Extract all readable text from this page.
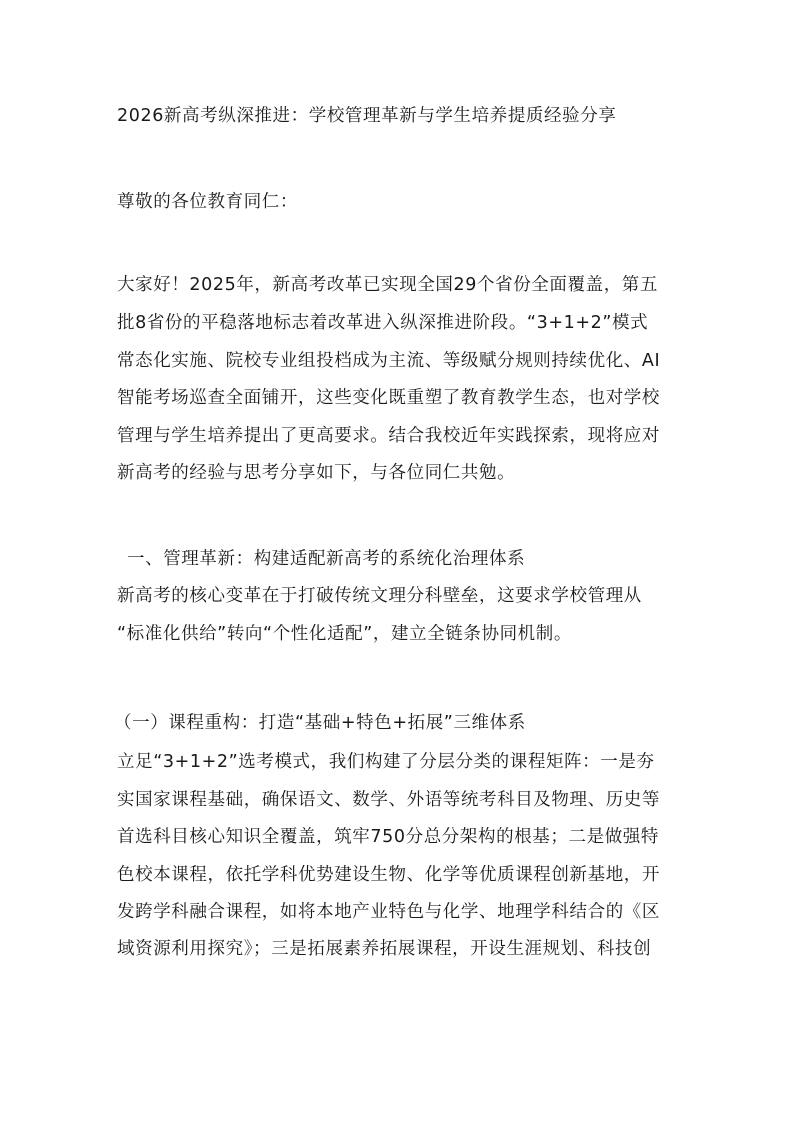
2026新高考纵深推进：学校管理革新与学生培养提质经验分享
尊敬的各位教育同仁：
大家好！2025年，新高考改革已实现全国29个省份全面覆盖，第五
批8省份的平稳落地标志着改革进入纵深推进阶段。“3+1+2”模式
常态化实施、院校专业组投档成为主流、等级赋分规则持续优化、AI
智能考场巡查全面铺开，这些变化既重塑了教育教学生态，也对学校
管理与学生培养提出了更高要求。结合我校近年实践探索，现将应对
新高考的经验与思考分享如下，与各位同仁共勉。
一、管理革新：构建适配新高考的系统化治理体系
新高考的核心变革在于打破传统文理分科壁垒，这要求学校管理从
“标准化供给”转向“个性化适配”，建立全链条协同机制。
（一）课程重构：打造“基础+特色+拓展”三维体系
立足“3+1+2”选考模式，我们构建了分层分类的课程矩阵：一是夯
实国家课程基础，确保语文、数学、外语等统考科目及物理、历史等
首选科目核心知识全覆盖，筑牢750分总分架构的根基；二是做强特
色校本课程，依托学科优势建设生物、化学等优质课程创新基地，开
发跨学科融合课程，如将本地产业特色与化学、地理学科结合的《区
域资源利用探究》；三是拓展素养拓展课程，开设生涯规划、科技创
